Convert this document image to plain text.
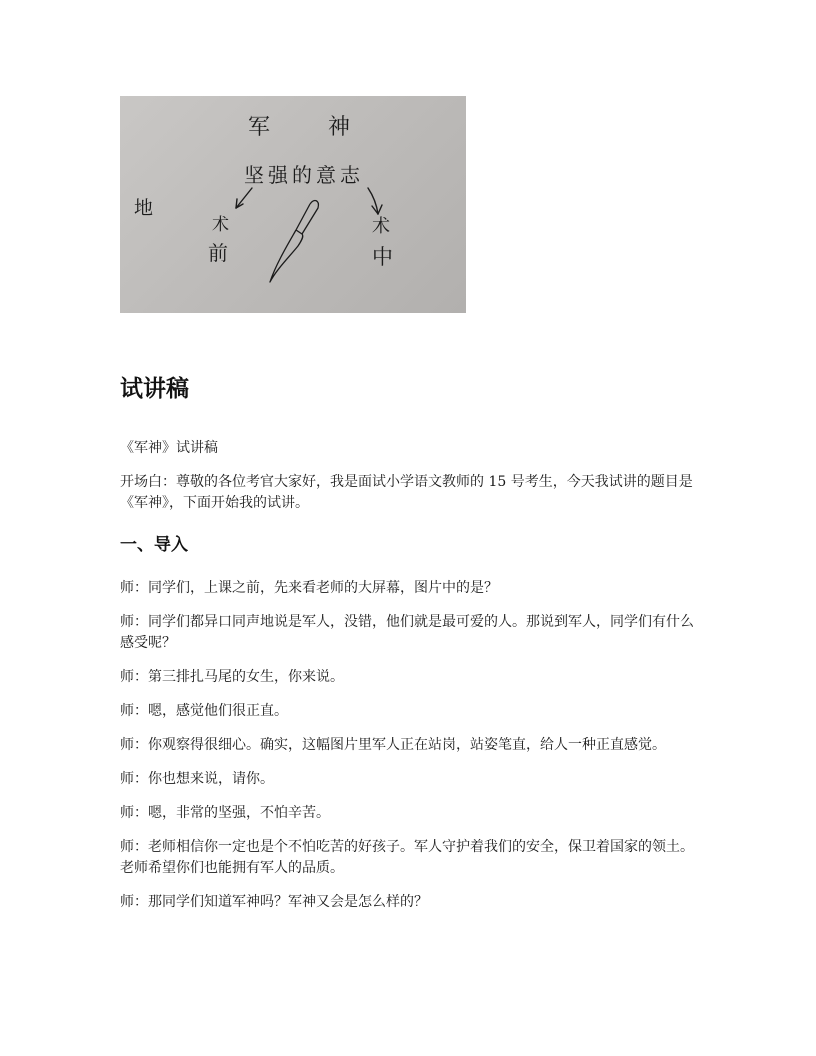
军	神
坚强的意志
地
术
前
术
中
试讲稿

《军神》试讲稿

开场白：尊敬的各位考官大家好，我是面试小学语文教师的 15 号考生，今天我试讲的题目是《军神》，下面开始我的试讲。

一、导入

师：同学们，上课之前，先来看老师的大屏幕，图片中的是？

师：同学们都异口同声地说是军人，没错，他们就是最可爱的人。那说到军人，同学们有什么感受呢？

师：第三排扎马尾的女生，你来说。

师：嗯，感觉他们很正直。

师：你观察得很细心。确实，这幅图片里军人正在站岗，站姿笔直，给人一种正直感觉。

师：你也想来说，请你。

师：嗯，非常的坚强，不怕辛苦。

师：老师相信你一定也是个不怕吃苦的好孩子。军人守护着我们的安全，保卫着国家的领土。老师希望你们也能拥有军人的品质。

师：那同学们知道军神吗？军神又会是怎么样的？
